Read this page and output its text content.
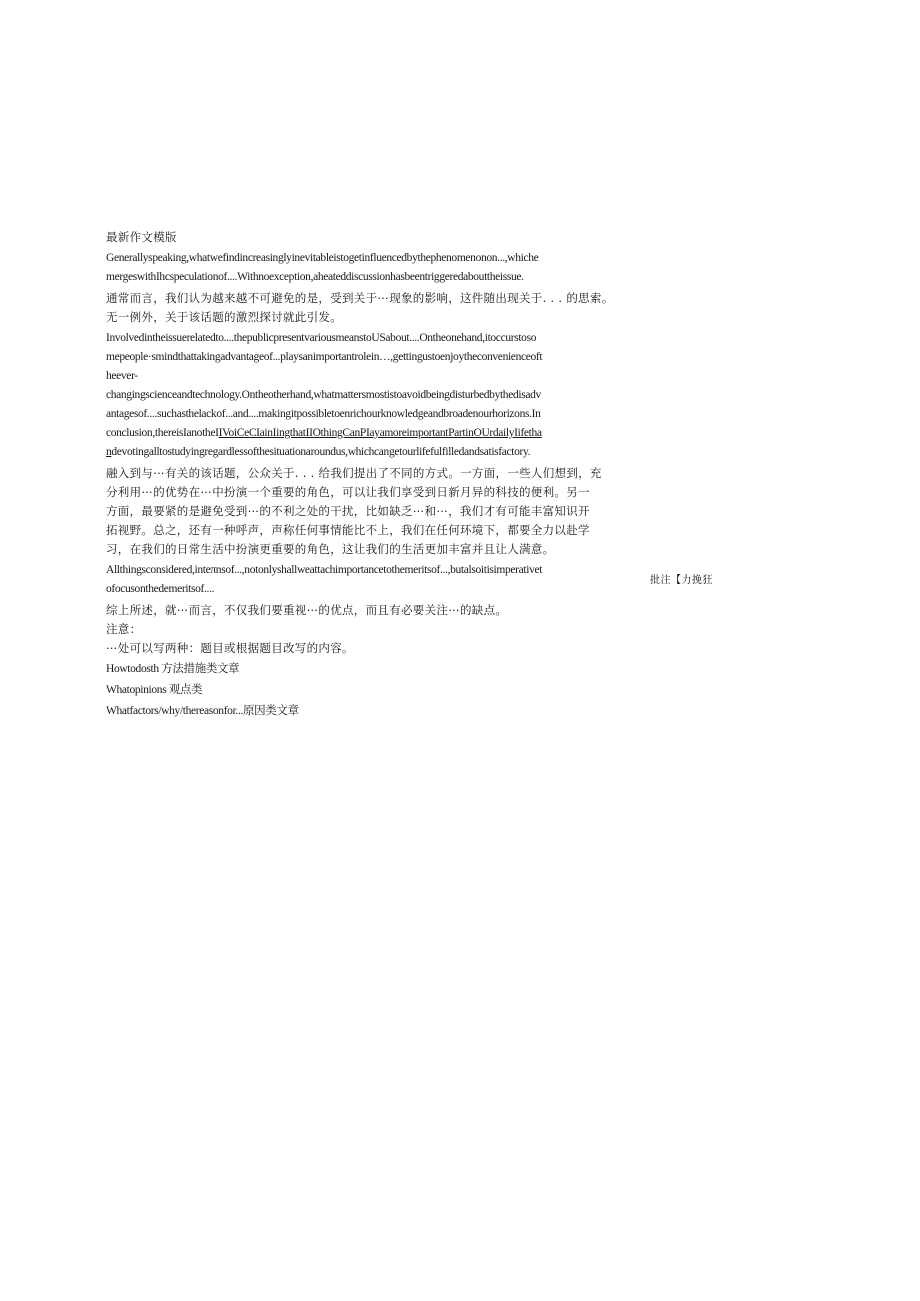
最新作文模版
Generallyspeaking,whatwefindincreasinglyinevitableistogetinfluencedbythephenomenonon...,whiche
mergeswithIhcspeculationof....Withnoexception,aheateddiscussionhasbeentriggeredabouttheissue.
通常而言，我们认为越来越不可避免的是，受到关于⋯现象的影响，这件随出现关于. . . 的思索。
无一例外，关于该话题的激烈探讨就此引发。
Involvedintheissuerelatedto....thepublicpresentvariousmeanstoUSabout....Ontheonehand,itoccurstoso
mepeople·smindthattakingadvantageof...playsanimportantrolein…,gettingustoenjoytheconvenienceoft
heever-
changingscienceandtechnology.Ontheotherhand,whatmattersmostistoavoidbeingdisturbedbythedisadv
antagesof....suchasthelackof...and....makingitpossibletoenrichourknowledgeandbroadenourhorizons.In
conclusion,thereisIanotheIIVoiCeCIainIingthatIIOthingCanPIayamoreimportantPartinOUrdailyIifetha
ndevotingalltostudyingregardlessofthesituationaroundus,whichcangetourlifefulfilledandsatisfactory.
融入到与⋯有关的该话题，公众关于. . . 给我们提出了不同的方式。一方面，一些人们想到，充
分利用⋯的优势在⋯中扮演一个重要的角色，可以让我们享受到日新月异的科技的便利。另一
方面，最要紧的是避免受到⋯的不利之处的干扰，比如缺乏⋯和⋯，我们才有可能丰富知识开
拓视野。总之，还有一种呼声，声称任何事情能比不上，我们在任何环境下，都要全力以赴学
习，在我们的日常生活中扮演更重要的角色，这让我们的生活更加丰富并且让人满意。
Allthingsconsidered,inteπnsof...,notonlyshallweattachimportancetothemeritsof...,butalsoitisimperativet
ofocusonthedemeritsof....
综上所述，就⋯而言，不仅我们要重视⋯的优点，而且有必要关注⋯的缺点。
注意：
⋯处可以写两种：题目或根据题目改写的内容。
Howtodosth 方法措施类文章
Whatopinions 观点类
Whatfactors/why/thereasonfor...原因类文章
批注【力挽狂
